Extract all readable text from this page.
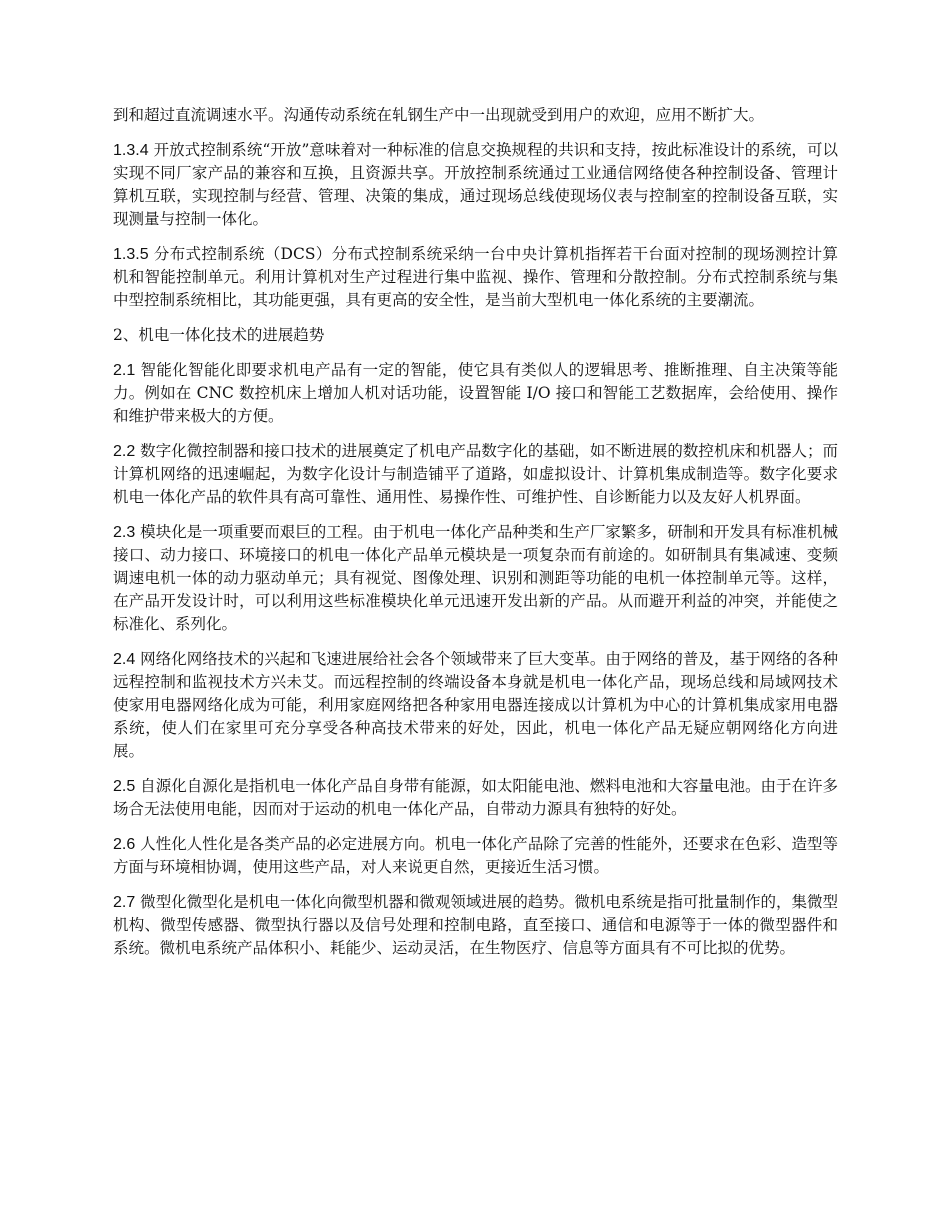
到和超过直流调速水平。沟通传动系统在轧钢生产中一出现就受到用户的欢迎，应用不断扩大。

1.3.4 开放式控制系统“开放”意味着对一种标准的信息交换规程的共识和支持，按此标准设计的系统，可以实现不同厂家产品的兼容和互换，且资源共享。开放控制系统通过工业通信网络使各种控制设备、管理计算机互联，实现控制与经营、管理、决策的集成，通过现场总线使现场仪表与控制室的控制设备互联，实现测量与控制一体化。

1.3.5 分布式控制系统（DCS）分布式控制系统采纳一台中央计算机指挥若干台面对控制的现场测控计算机和智能控制单元。利用计算机对生产过程进行集中监视、操作、管理和分散控制。分布式控制系统与集中型控制系统相比，其功能更强，具有更高的安全性，是当前大型机电一体化系统的主要潮流。

2、机电一体化技术的进展趋势

2.1 智能化智能化即要求机电产品有一定的智能，使它具有类似人的逻辑思考、推断推理、自主决策等能力。例如在 CNC 数控机床上增加人机对话功能，设置智能 I/O 接口和智能工艺数据库，会给使用、操作和维护带来极大的方便。

2.2 数字化微控制器和接口技术的进展奠定了机电产品数字化的基础，如不断进展的数控机床和机器人；而计算机网络的迅速崛起，为数字化设计与制造铺平了道路，如虚拟设计、计算机集成制造等。数字化要求机电一体化产品的软件具有高可靠性、通用性、易操作性、可维护性、自诊断能力以及友好人机界面。

2.3 模块化是一项重要而艰巨的工程。由于机电一体化产品种类和生产厂家繁多，研制和开发具有标准机械接口、动力接口、环境接口的机电一体化产品单元模块是一项复杂而有前途的。如研制具有集减速、变频调速电机一体的动力驱动单元；具有视觉、图像处理、识别和测距等功能的电机一体控制单元等。这样，在产品开发设计时，可以利用这些标准模块化单元迅速开发出新的产品。从而避开利益的冲突，并能使之标准化、系列化。

2.4 网络化网络技术的兴起和飞速进展给社会各个领域带来了巨大变革。由于网络的普及，基于网络的各种远程控制和监视技术方兴未艾。而远程控制的终端设备本身就是机电一体化产品，现场总线和局域网技术使家用电器网络化成为可能，利用家庭网络把各种家用电器连接成以计算机为中心的计算机集成家用电器系统，使人们在家里可充分享受各种高技术带来的好处，因此，机电一体化产品无疑应朝网络化方向进展。

2.5 自源化自源化是指机电一体化产品自身带有能源，如太阳能电池、燃料电池和大容量电池。由于在许多场合无法使用电能，因而对于运动的机电一体化产品，自带动力源具有独特的好处。

2.6 人性化人性化是各类产品的必定进展方向。机电一体化产品除了完善的性能外，还要求在色彩、造型等方面与环境相协调，使用这些产品，对人来说更自然，更接近生活习惯。

2.7 微型化微型化是机电一体化向微型机器和微观领域进展的趋势。微机电系统是指可批量制作的，集微型机构、微型传感器、微型执行器以及信号处理和控制电路，直至接口、通信和电源等于一体的微型器件和系统。微机电系统产品体积小、耗能少、运动灵活，在生物医疗、信息等方面具有不可比拟的优势。
